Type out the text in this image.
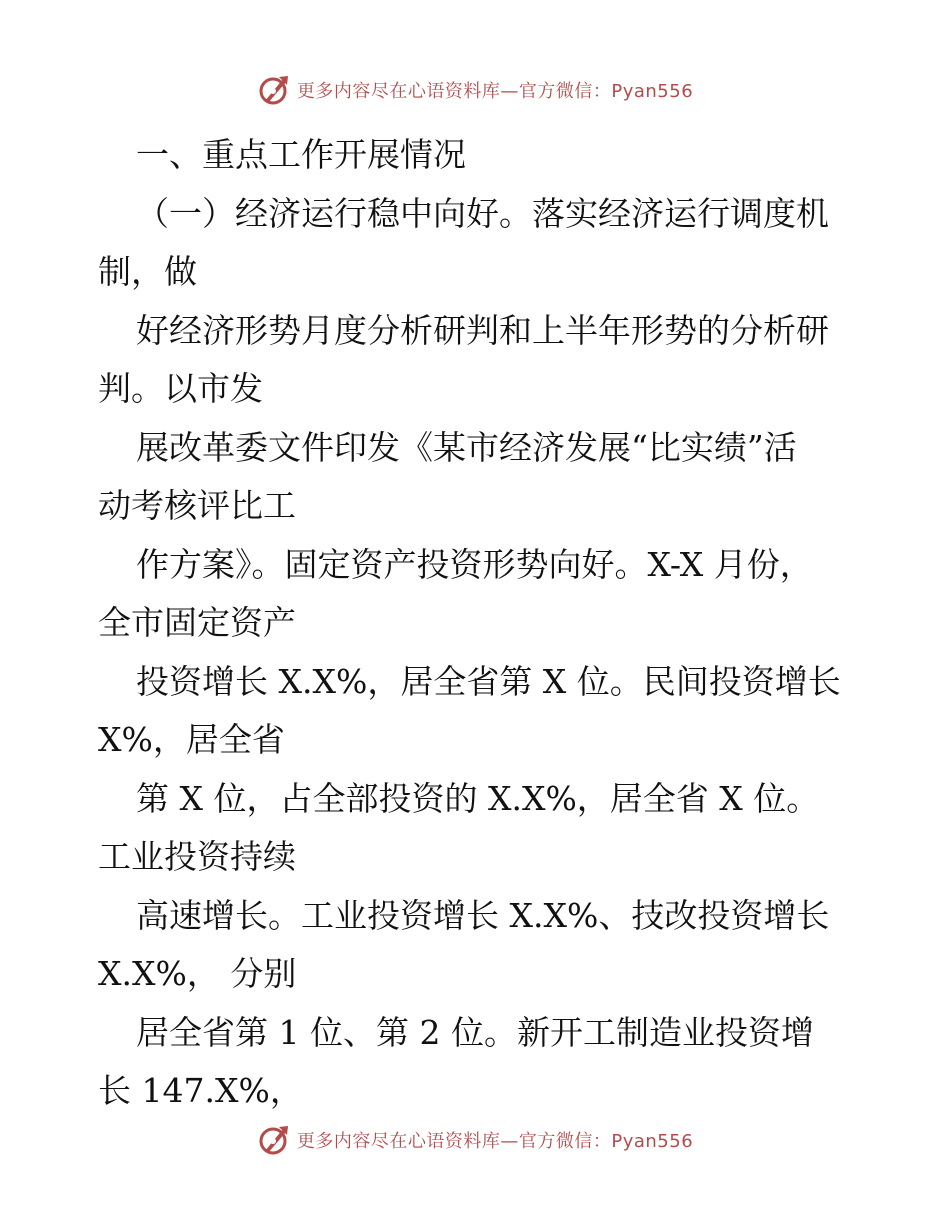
更多内容尽在心语资料库—官方微信：Pyan556

一、重点工作开展情况

（一）经济运行稳中向好。落实经济运行调度机

制，做

好经济形势月度分析研判和上半年形势的分析研

判。以市发

展改革委文件印发《某市经济发展“比实绩”活

动考核评比工

作方案》。固定资产投资形势向好。X-X 月份，

全市固定资产

投资增长 X.X%，居全省第 X 位。民间投资增长

X%，居全省

第 X 位，占全部投资的 X.X%，居全省 X 位。

工业投资持续

高速增长。工业投资增长 X.X%、技改投资增长

X.X%， 分别

居全省第 1 位、第 2 位。新开工制造业投资增

长 147.X%，

更多内容尽在心语资料库—官方微信：Pyan556
